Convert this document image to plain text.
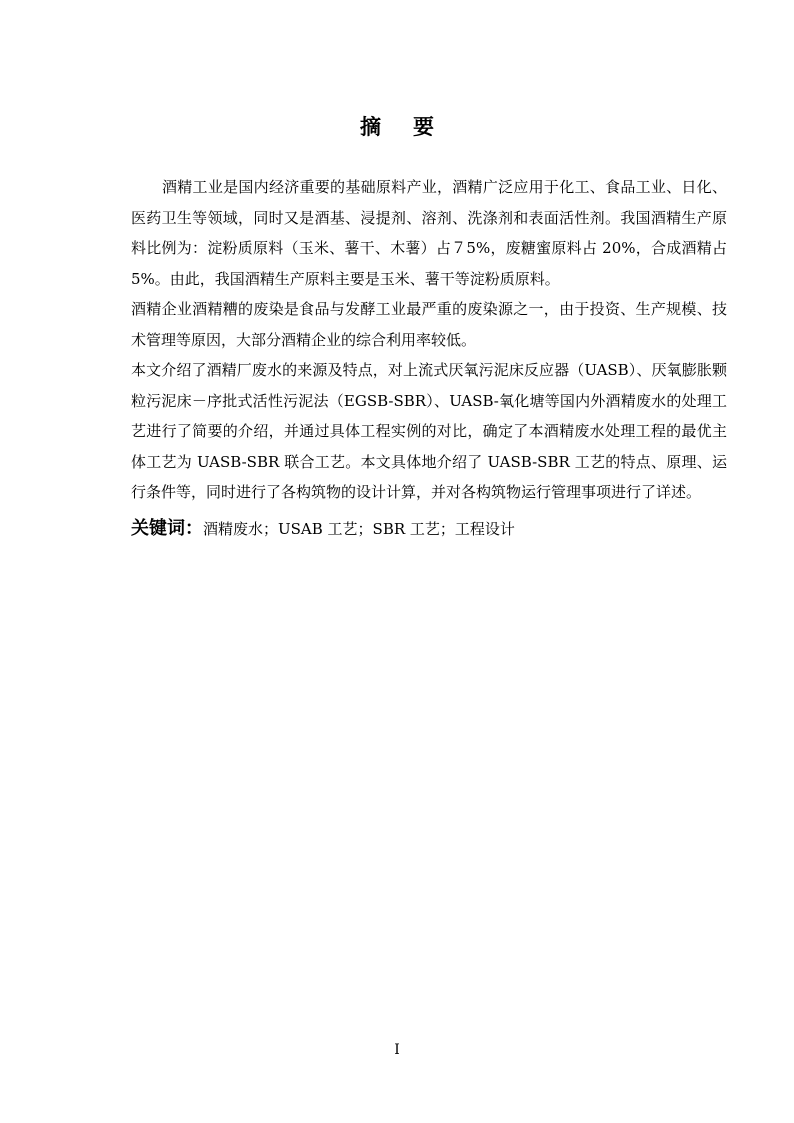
摘要

酒精工业是国内经济重要的基础原料产业，酒精广泛应用于化工、食品工业、日化、医药卫生等领域，同时又是酒基、浸提剂、溶剂、洗涤剂和表面活性剂。我国酒精生产原料比例为：淀粉质原料（玉米、薯干、木薯）占７5%，废糖蜜原料占 20%，合成酒精占 5%。由此，我国酒精生产原料主要是玉米、薯干等淀粉质原料。

酒精企业酒精糟的废染是食品与发酵工业最严重的废染源之一，由于投资、生产规模、技术管理等原因，大部分酒精企业的综合利用率较低。

本文介绍了酒精厂废水的来源及特点，对上流式厌氧污泥床反应器（UASB）、厌氧膨胀颗粒污泥床－序批式活性污泥法（EGSB-SBR）、UASB-氧化塘等国内外酒精废水的处理工艺进行了简要的介绍，并通过具体工程实例的对比，确定了本酒精废水处理工程的最优主体工艺为 UASB-SBR 联合工艺。本文具体地介绍了 UASB-SBR 工艺的特点、原理、运行条件等，同时进行了各构筑物的设计计算，并对各构筑物运行管理事项进行了详述。

关键词：酒精废水；USAB 工艺；SBR 工艺；工程设计

I
